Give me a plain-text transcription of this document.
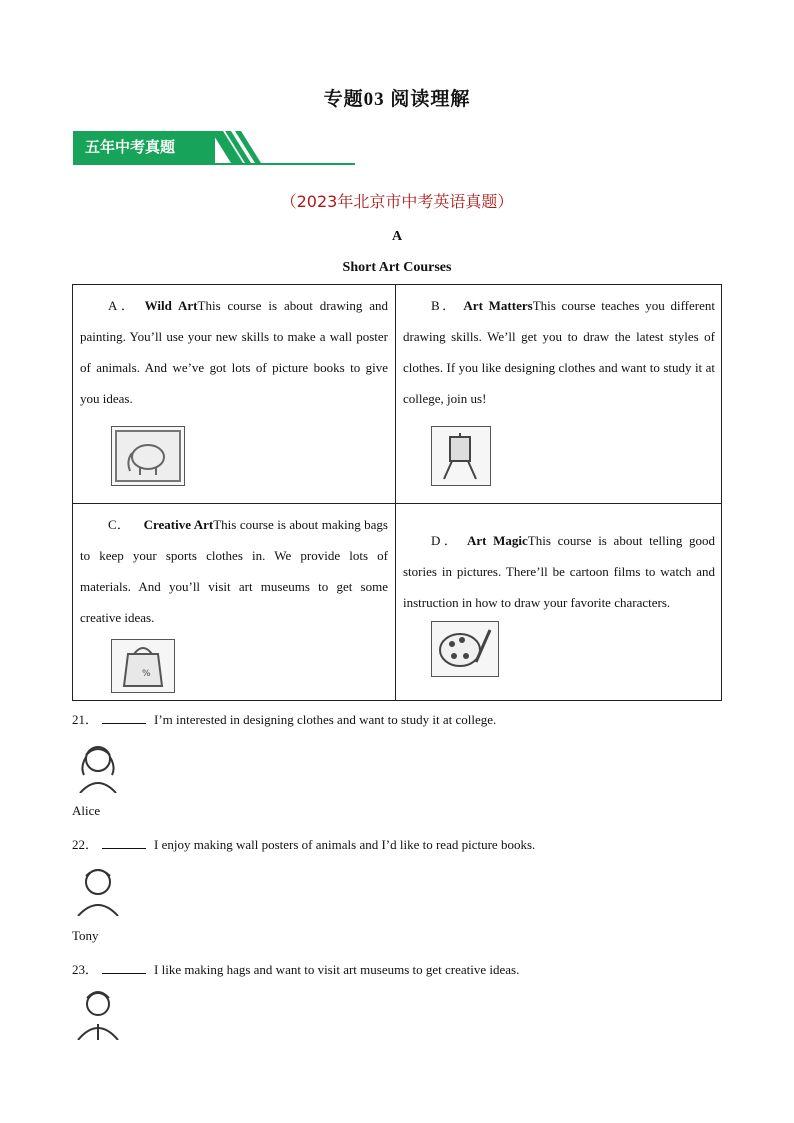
专题03 阅读理解
五年中考真题
（2023年北京市中考英语真题）
A
Short Art Courses
A． Wild ArtThis course is about drawing and painting. You’ll use your new skills to make a wall poster of animals. And we’ve got lots of picture books to give you ideas.
B． Art MattersThis course teaches you different drawing skills. We’ll get you to draw the latest styles of clothes. If you like designing clothes and want to study it at college, join us!
C． Creative ArtThis course is about making bags to keep your sports clothes in. We provide lots of materials. And you’ll visit art museums to get some creative ideas.
%
D． Art MagicThis course is about telling good stories in pictures. There’ll be cartoon films to watch and instruction in how to draw your favorite characters.
21．	I’m interested in designing clothes and want to study it at college.
Alice
22．	I enjoy making wall posters of animals and I’d like to read picture books.
Tony
23．	I like making hags and want to visit art museums to get creative ideas.
